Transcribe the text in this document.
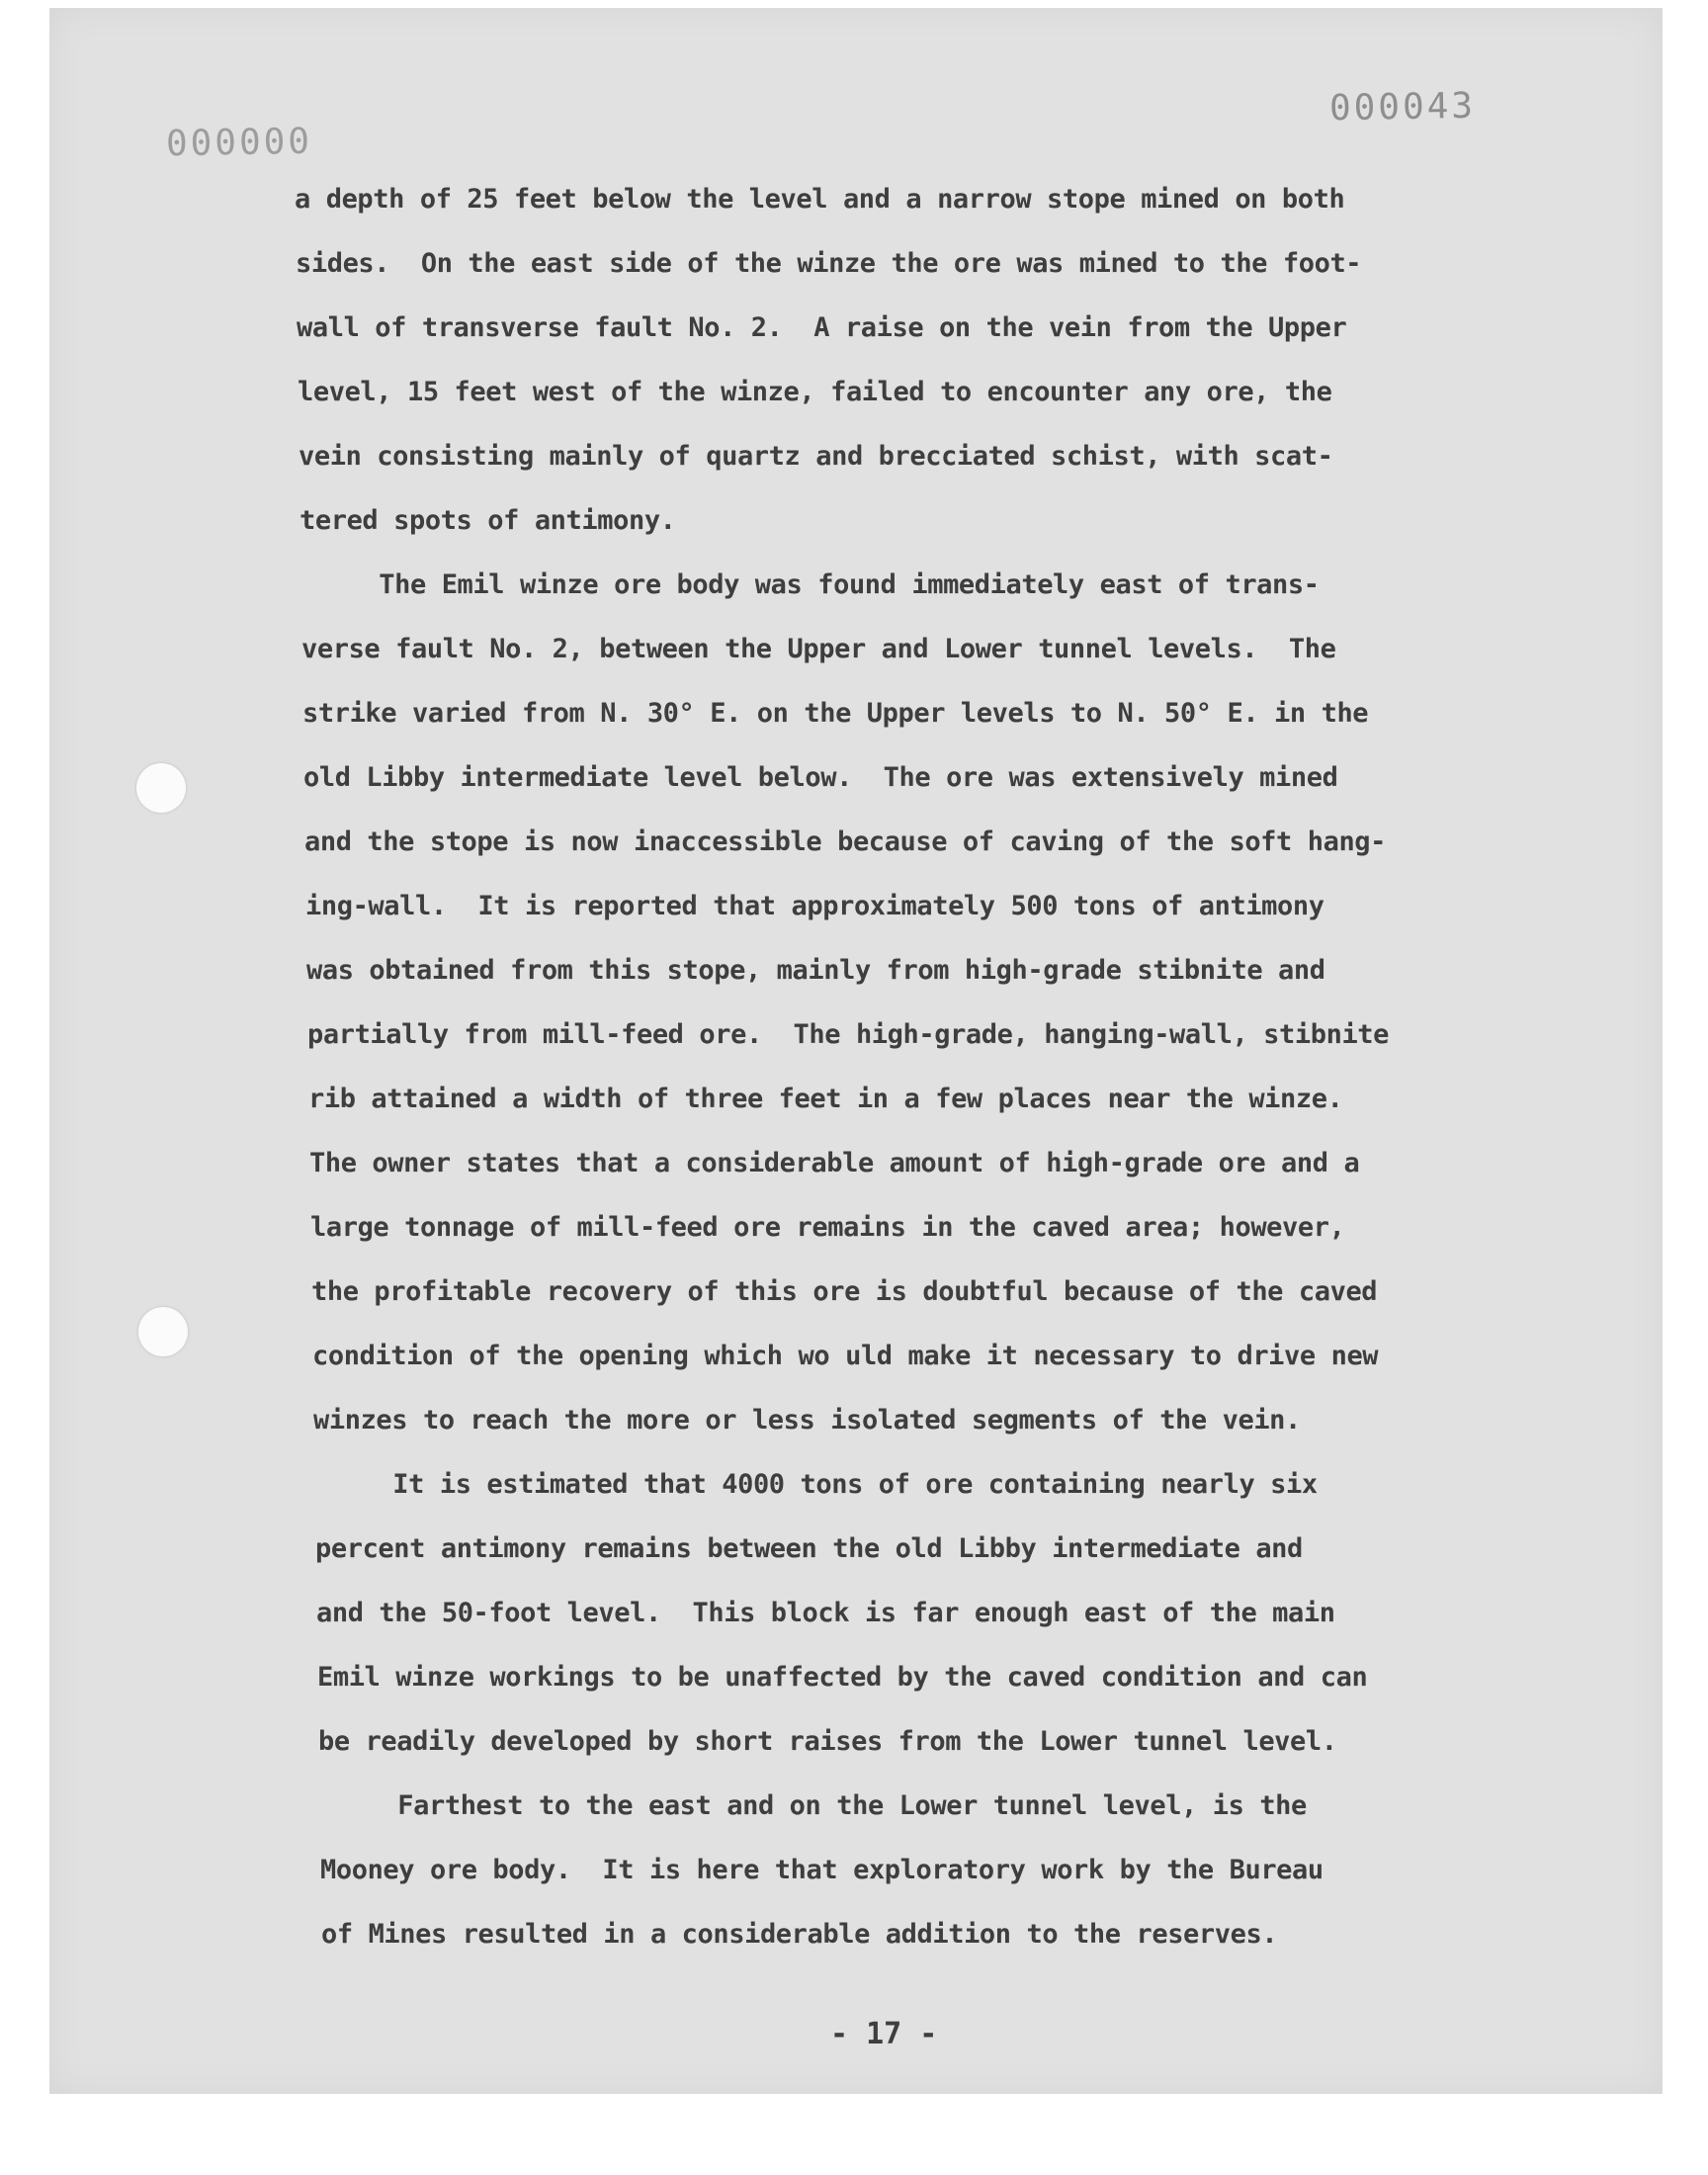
000000
000043
a depth of 25 feet below the level and a narrow stope mined on both
sides.  On the east side of the winze the ore was mined to the foot-
wall of transverse fault No. 2.  A raise on the vein from the Upper
level, 15 feet west of the winze, failed to encounter any ore, the
vein consisting mainly of quartz and brecciated schist, with scat-
tered spots of antimony.
The Emil winze ore body was found immediately east of trans-
verse fault No. 2, between the Upper and Lower tunnel levels.  The
strike varied from N. 30° E. on the Upper levels to N. 50° E. in the
old Libby intermediate level below.  The ore was extensively mined
and the stope is now inaccessible because of caving of the soft hang-
ing-wall.  It is reported that approximately 500 tons of antimony
was obtained from this stope, mainly from high-grade stibnite and
partially from mill-feed ore.  The high-grade, hanging-wall, stibnite
rib attained a width of three feet in a few places near the winze.
The owner states that a considerable amount of high-grade ore and a
large tonnage of mill-feed ore remains in the caved area; however,
the profitable recovery of this ore is doubtful because of the caved
condition of the opening which wo uld make it necessary to drive new
winzes to reach the more or less isolated segments of the vein.
It is estimated that 4000 tons of ore containing nearly six
percent antimony remains between the old Libby intermediate and
and the 50-foot level.  This block is far enough east of the main
Emil winze workings to be unaffected by the caved condition and can
be readily developed by short raises from the Lower tunnel level.
Farthest to the east and on the Lower tunnel level, is the
Mooney ore body.  It is here that exploratory work by the Bureau
of Mines resulted in a considerable addition to the reserves.
- 17 -
